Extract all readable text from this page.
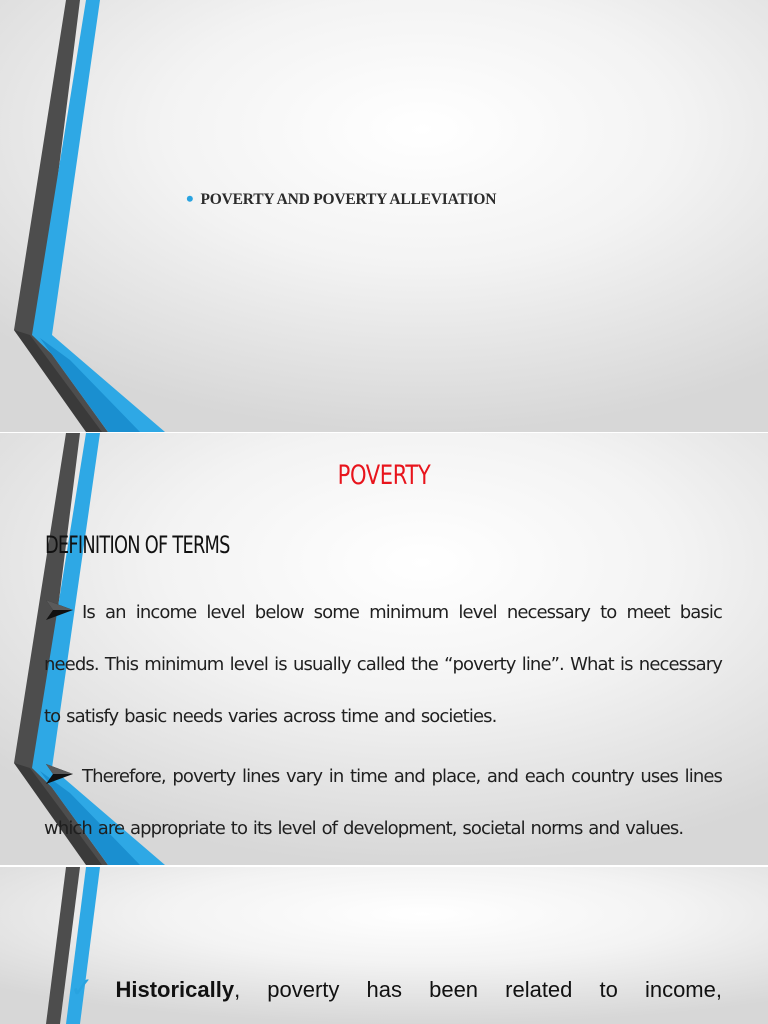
• POVERTY AND POVERTY ALLEVIATION
POVERTY
DEFINITION OF TERMS
Is an income level below some minimum level necessary to meet basic needs. This minimum level is usually called the “poverty line”. What is necessary to satisfy basic needs varies across time and societies.
Therefore, poverty lines vary in time and place, and each country uses lines which are appropriate to its level of development, societal norms and values.
✓Historically, poverty has been related to income,
